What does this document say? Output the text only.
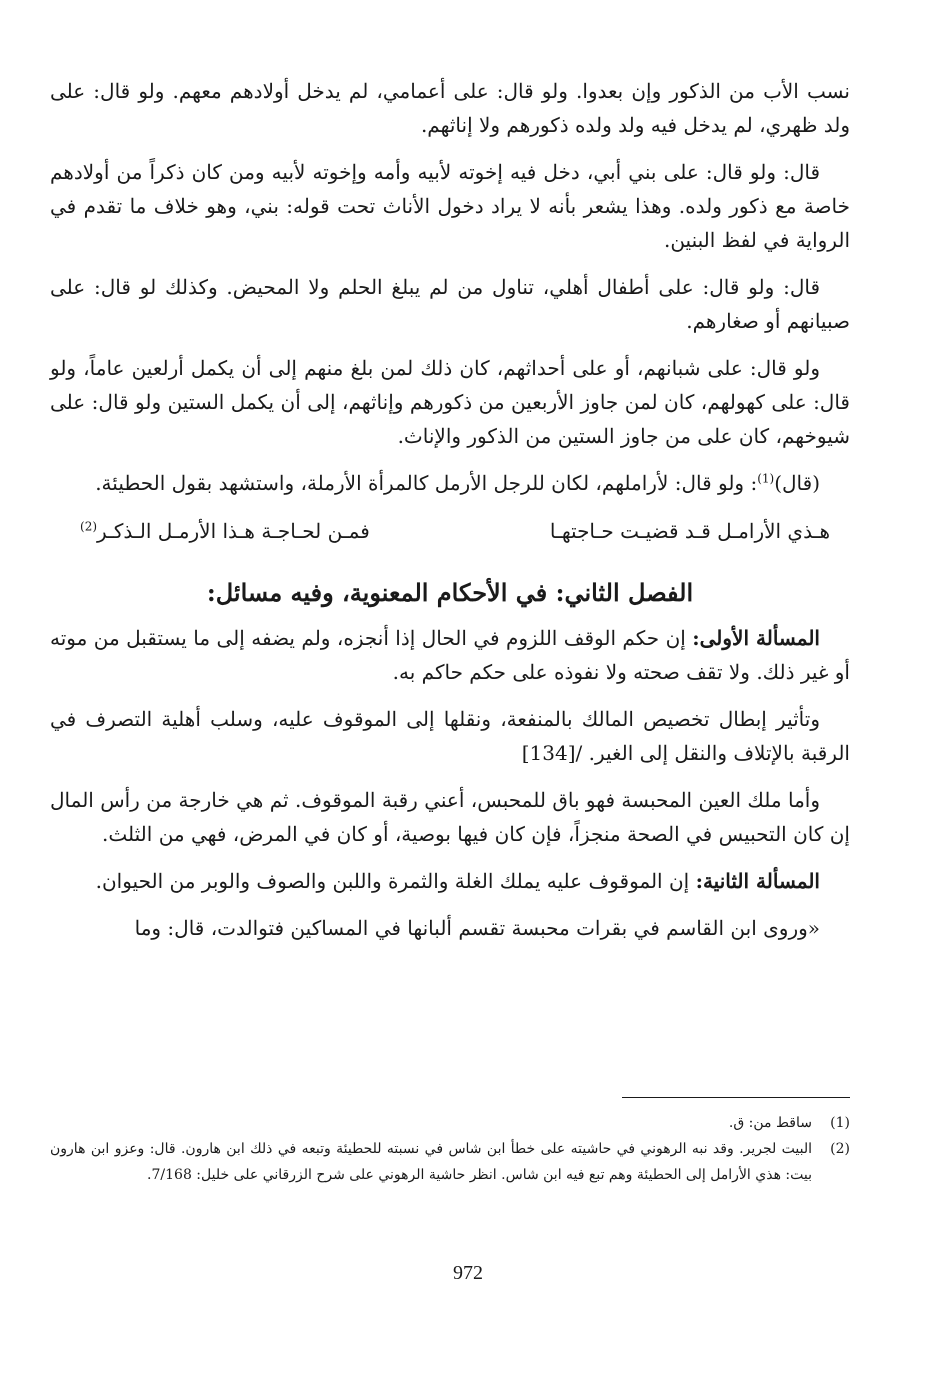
نسب الأب من الذكور وإن بعدوا. ولو قال: على أعمامي، لم يدخل أولادهم معهم. ولو قال: على ولد ظهري، لم يدخل فيه ولد ولده ذكورهم ولا إناثهم.

قال: ولو قال: على بني أبي، دخل فيه إخوته لأبيه وأمه وإخوته لأبيه ومن كان ذكراً من أولادهم خاصة مع ذكور ولده. وهذا يشعر بأنه لا يراد دخول الأناث تحت قوله: بني، وهو خلاف ما تقدم في الرواية في لفظ البنين.

قال: ولو قال: على أطفال أهلي، تناول من لم يبلغ الحلم ولا المحيض. وكذلك لو قال: على صبيانهم أو صغارهم.

ولو قال: على شبانهم، أو على أحداثهم، كان ذلك لمن بلغ منهم إلى أن يكمل أرلعين عاماً، ولو قال: على كهولهم، كان لمن جاوز الأربعين من ذكورهم وإناثهم، إلى أن يكمل الستين ولو قال: على شيوخهم، كان على من جاوز الستين من الذكور والإناث.

(قال)$^{(1)}$: ولو قال: لأراملهم، لكان للرجل الأرمل كالمرأة الأرملة، واستشهد بقول الحطيئة.

هـذي الأرامـل قـد قضيـت حـاجتهـا
فمـن لحـاجـة هـذا الأرمـل الـذكـر$^{(2)}$
الفصل الثاني: في الأحكام المعنوية، وفيه مسائل:

المسألة الأولى: إن حكم الوقف اللزوم في الحال إذا أنجزه، ولم يضفه إلى ما يستقبل من موته أو غير ذلك. ولا تقف صحته ولا نفوذه على حكم حاكم به.

وتأثير إبطال تخصيص المالك بالمنفعة، ونقلها إلى الموقوف عليه، وسلب أهلية التصرف في الرقبة بالإتلاف والنقل إلى الغير. /[134]

وأما ملك العين المحبسة فهو باق للمحبس، أعني رقبة الموقوف. ثم هي خارجة من رأس المال إن كان التحبيس في الصحة منجزاً، فإن كان فيها بوصية، أو كان في المرض، فهي من الثلث.

المسألة الثانية: إن الموقوف عليه يملك الغلة والثمرة واللبن والصوف والوبر من الحيوان.

«وروى ابن القاسم في بقرات محبسة تقسم ألبانها في المساكين فتوالدت، قال: وما

(1)
ساقط من: ق.
(2)
البيت لجرير. وقد نبه الرهوني في حاشيته على خطأ ابن شاس في نسبته للحطيئة وتبعه في ذلك ابن هارون. قال: وعزو ابن هارون بيت: هذي الأرامل إلى الحطيئة وهم تبع فيه ابن شاس. انظر حاشية الرهوني على شرح الزرقاني على خليل: 7/168.
972
